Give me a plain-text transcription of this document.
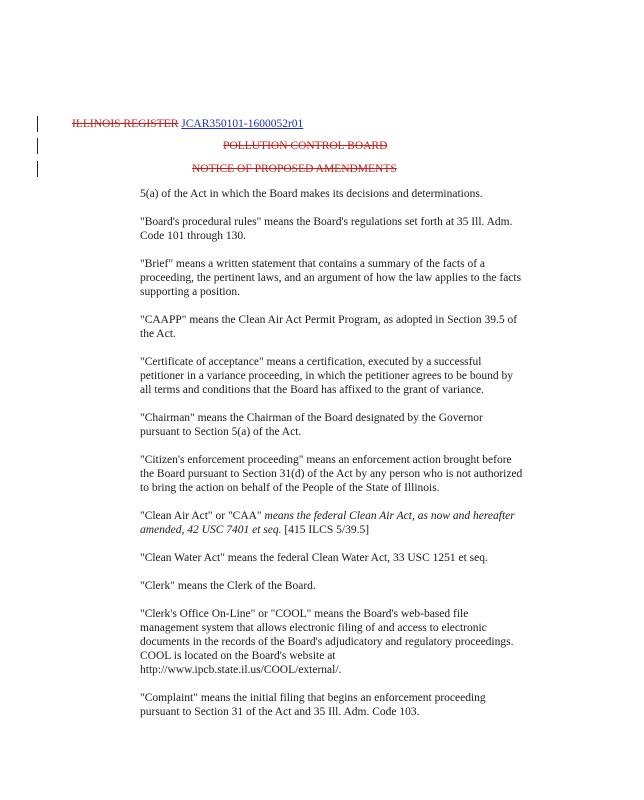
ILLINOIS REGISTER JCAR350101-1600052r01
POLLUTION CONTROL BOARD
NOTICE OF PROPOSED AMENDMENTS

5(a) of the Act in which the Board makes its decisions and determinations.

"Board's procedural rules" means the Board's regulations set forth at 35 Ill. Adm. Code 101 through 130.

"Brief" means a written statement that contains a summary of the facts of a proceeding, the pertinent laws, and an argument of how the law applies to the facts supporting a position.

"CAAPP" means the Clean Air Act Permit Program, as adopted in Section 39.5 of the Act.

"Certificate of acceptance" means a certification, executed by a successful petitioner in a variance proceeding, in which the petitioner agrees to be bound by all terms and conditions that the Board has affixed to the grant of variance.

"Chairman" means the Chairman of the Board designated by the Governor pursuant to Section 5(a) of the Act.

"Citizen's enforcement proceeding" means an enforcement action brought before the Board pursuant to Section 31(d) of the Act by any person who is not authorized to bring the action on behalf of the People of the State of Illinois.

"Clean Air Act" or "CAA" means the federal Clean Air Act, as now and hereafter amended, 42 USC 7401 et seq. [415 ILCS 5/39.5]

"Clean Water Act" means the federal Clean Water Act, 33 USC 1251 et seq.

"Clerk" means the Clerk of the Board.

"Clerk's Office On-Line" or "COOL" means the Board's web-based file management system that allows electronic filing of and access to electronic documents in the records of the Board's adjudicatory and regulatory proceedings. COOL is located on the Board's website at http://www.ipcb.state.il.us/COOL/external/.

"Complaint" means the initial filing that begins an enforcement proceeding pursuant to Section 31 of the Act and 35 Ill. Adm. Code 103.
